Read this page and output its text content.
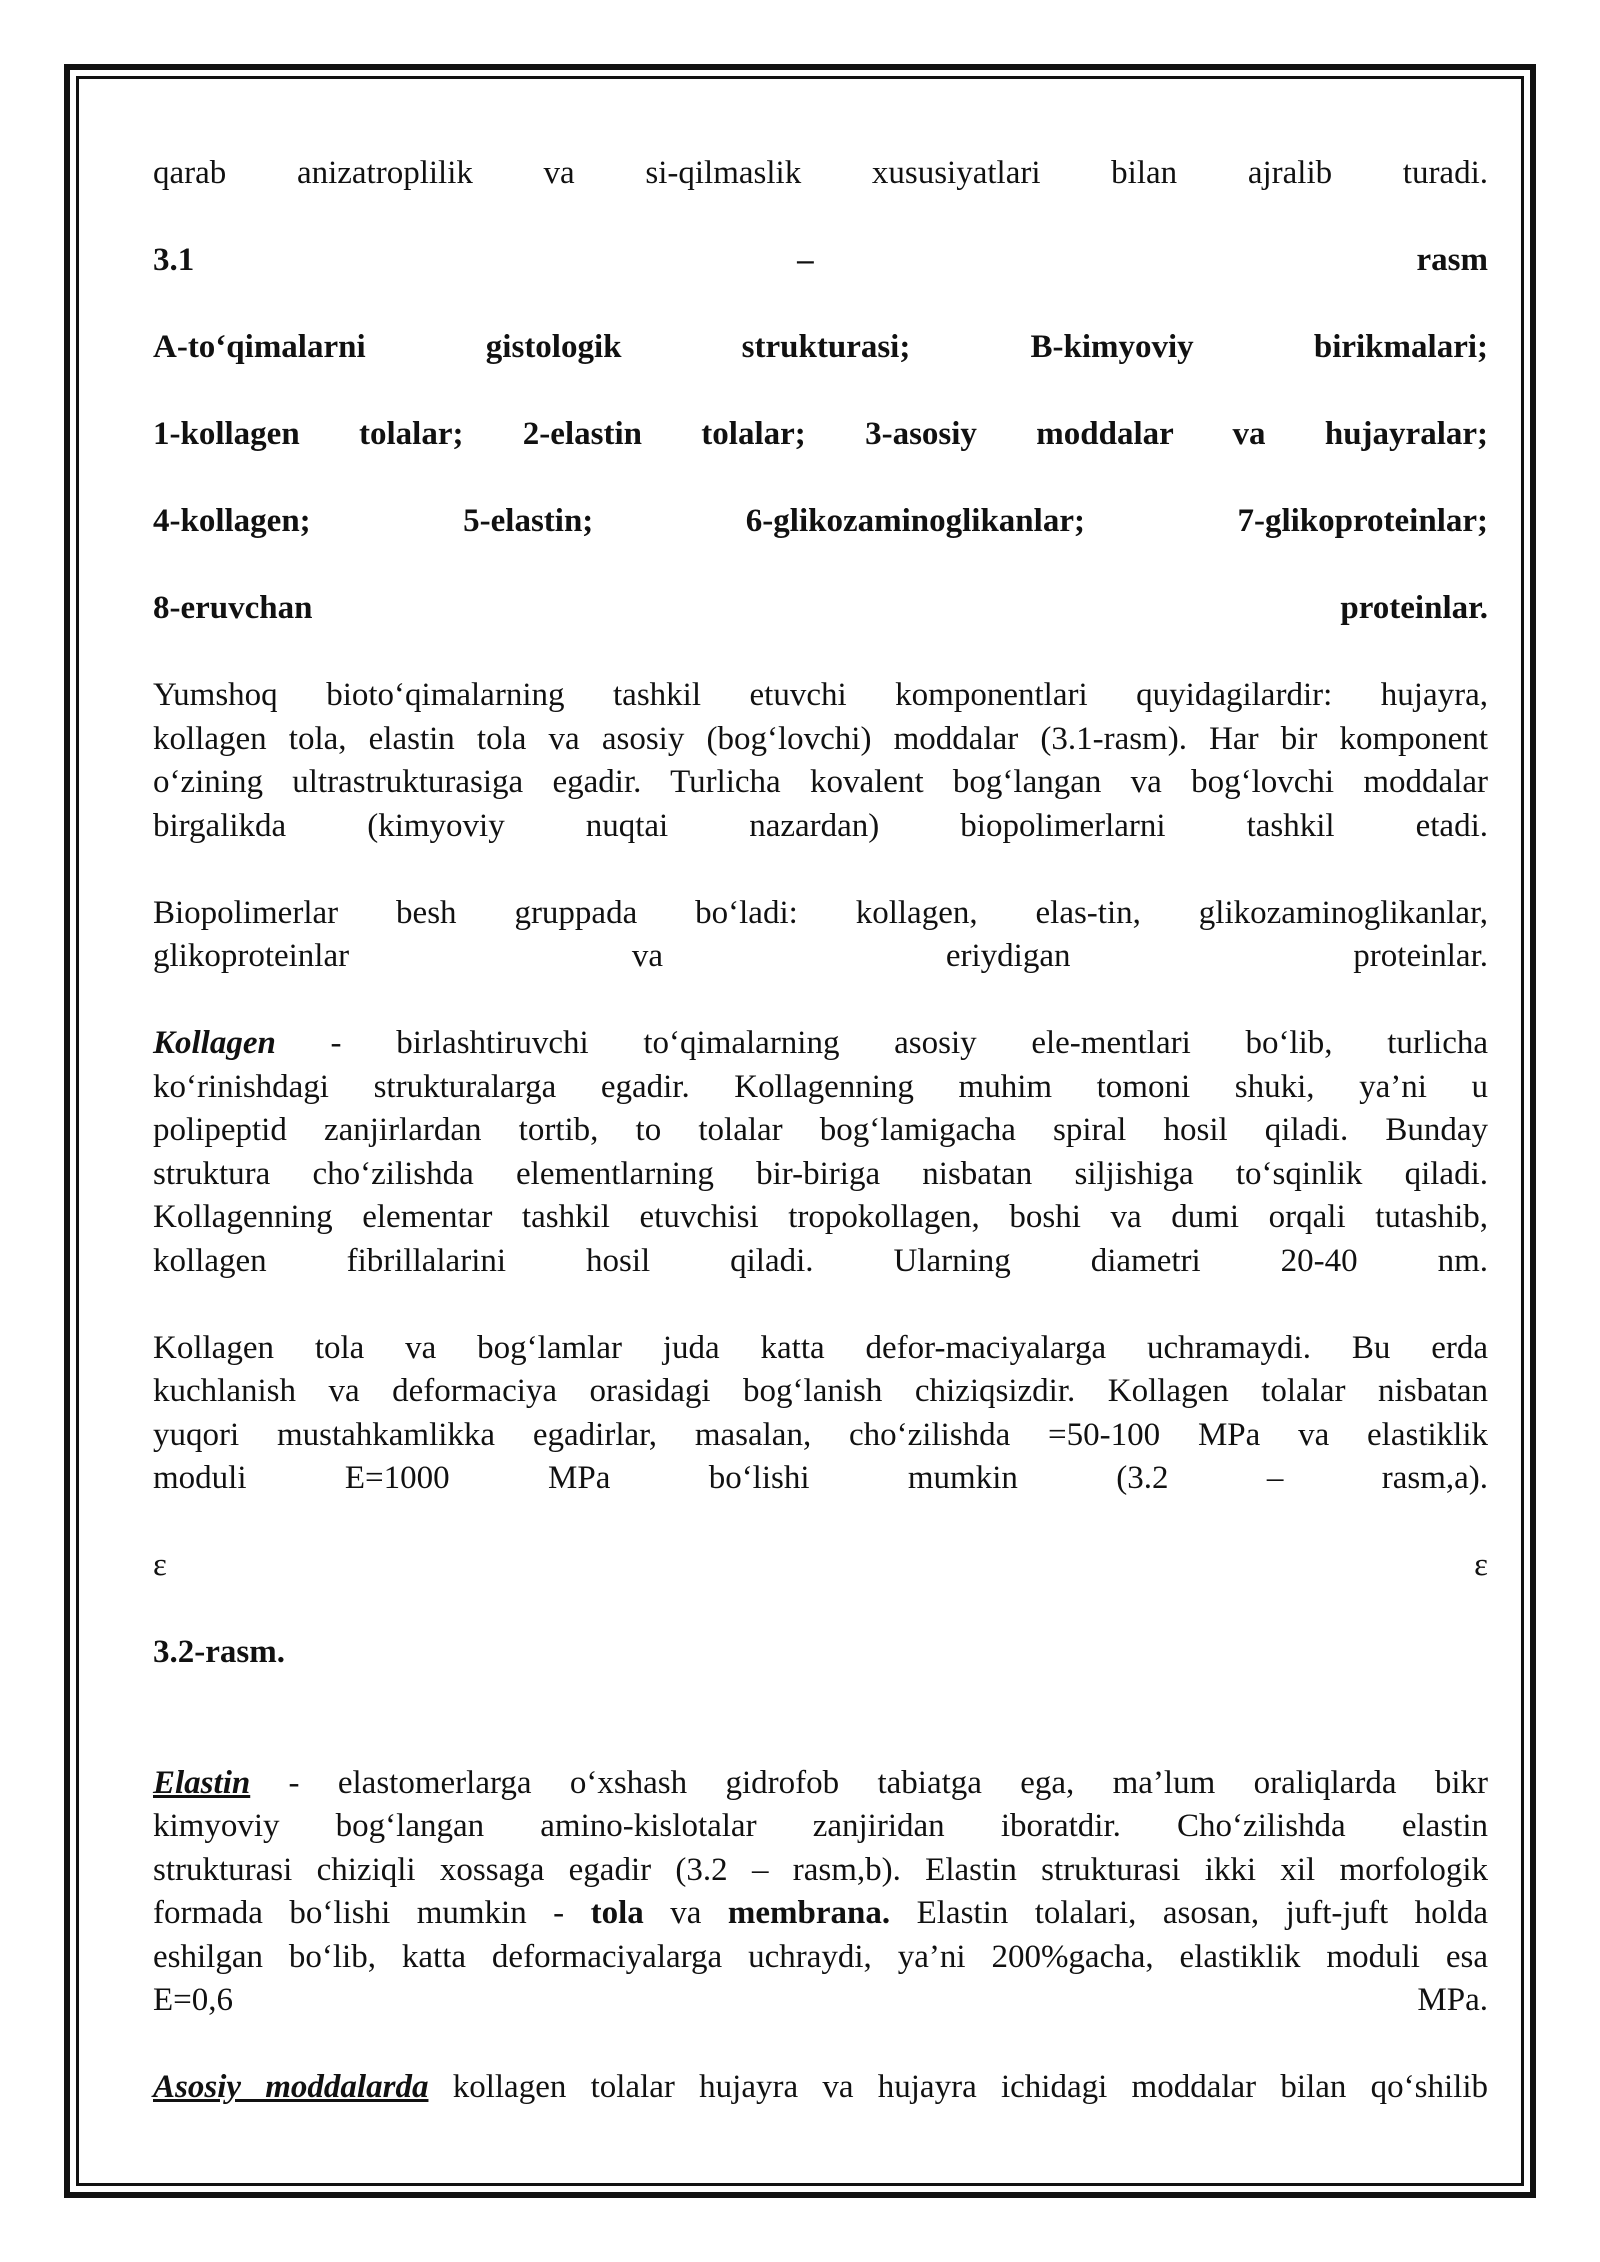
qarab anizatroplilik va si-qilmaslik xususiyatlari bilan ajralib turadi.

3.1 – rasm

A-to‘qimalarni gistologik strukturasi; B-kimyoviy birikmalari;

1-kollagen tolalar; 2-elastin tolalar; 3-asosiy moddalar va hujayralar;

4-kollagen; 5-elastin; 6-glikozaminoglikanlar; 7-glikoproteinlar;

8-eruvchan proteinlar.

Yumshoq bioto‘qimalarning tashkil etuvchi komponentlari quyidagilardir: hujayra,

kollagen tola, elastin tola va asosiy (bog‘lovchi) moddalar (3.1-rasm). Har bir komponent

o‘zining ultrastrukturasiga egadir. Turlicha kovalent bog‘langan va bog‘lovchi moddalar

birgalikda (kimyoviy nuqtai nazardan) biopolimerlarni tashkil etadi.

Biopolimerlar besh gruppada bo‘ladi: kollagen, elas-tin, glikozaminoglikanlar,

glikoproteinlar va eriydigan proteinlar.

Kollagen - birlashtiruvchi to‘qimalarning asosiy ele-mentlari bo‘lib, turlicha

ko‘rinishdagi strukturalarga egadir. Kollagenning muhim tomoni shuki, ya’ni u

polipeptid zanjirlardan tortib, to tolalar bog‘lamigacha spiral hosil qiladi. Bunday

struktura cho‘zilishda elementlarning bir-biriga nisbatan siljishiga to‘sqinlik qiladi.

Kollagenning elementar tashkil etuvchisi tropokollagen, boshi va dumi orqali tutashib,

kollagen fibrillalarini hosil qiladi. Ularning diametri 20-40 nm.

Kollagen tola va bog‘lamlar juda katta defor-maciyalarga uchramaydi. Bu erda

kuchlanish va deformaciya orasidagi bog‘lanish chiziqsizdir. Kollagen tolalar nisbatan

yuqori mustahkamlikka egadirlar, masalan, cho‘zilishda =50-100 MPa va elastiklik

moduli E=1000 MPa bo‘lishi mumkin (3.2 – rasm,a).

ε ε

3.2-rasm.

Elastin - elastomerlarga o‘xshash gidrofob tabiatga ega, ma’lum oraliqlarda bikr

kimyoviy bog‘langan amino-kislotalar zanjiridan iboratdir. Cho‘zilishda elastin

strukturasi chiziqli xossaga egadir (3.2 – rasm,b). Elastin strukturasi ikki xil morfologik

formada bo‘lishi mumkin - tola va membrana. Elastin tolalari, asosan, juft-juft holda

eshilgan bo‘lib, katta deformaciyalarga uchraydi, ya’ni 200%gacha, elastiklik moduli esa

E=0,6 MPa.

Asosiy moddalarda kollagen tolalar hujayra va hujayra ichidagi moddalar bilan qo‘shilib
